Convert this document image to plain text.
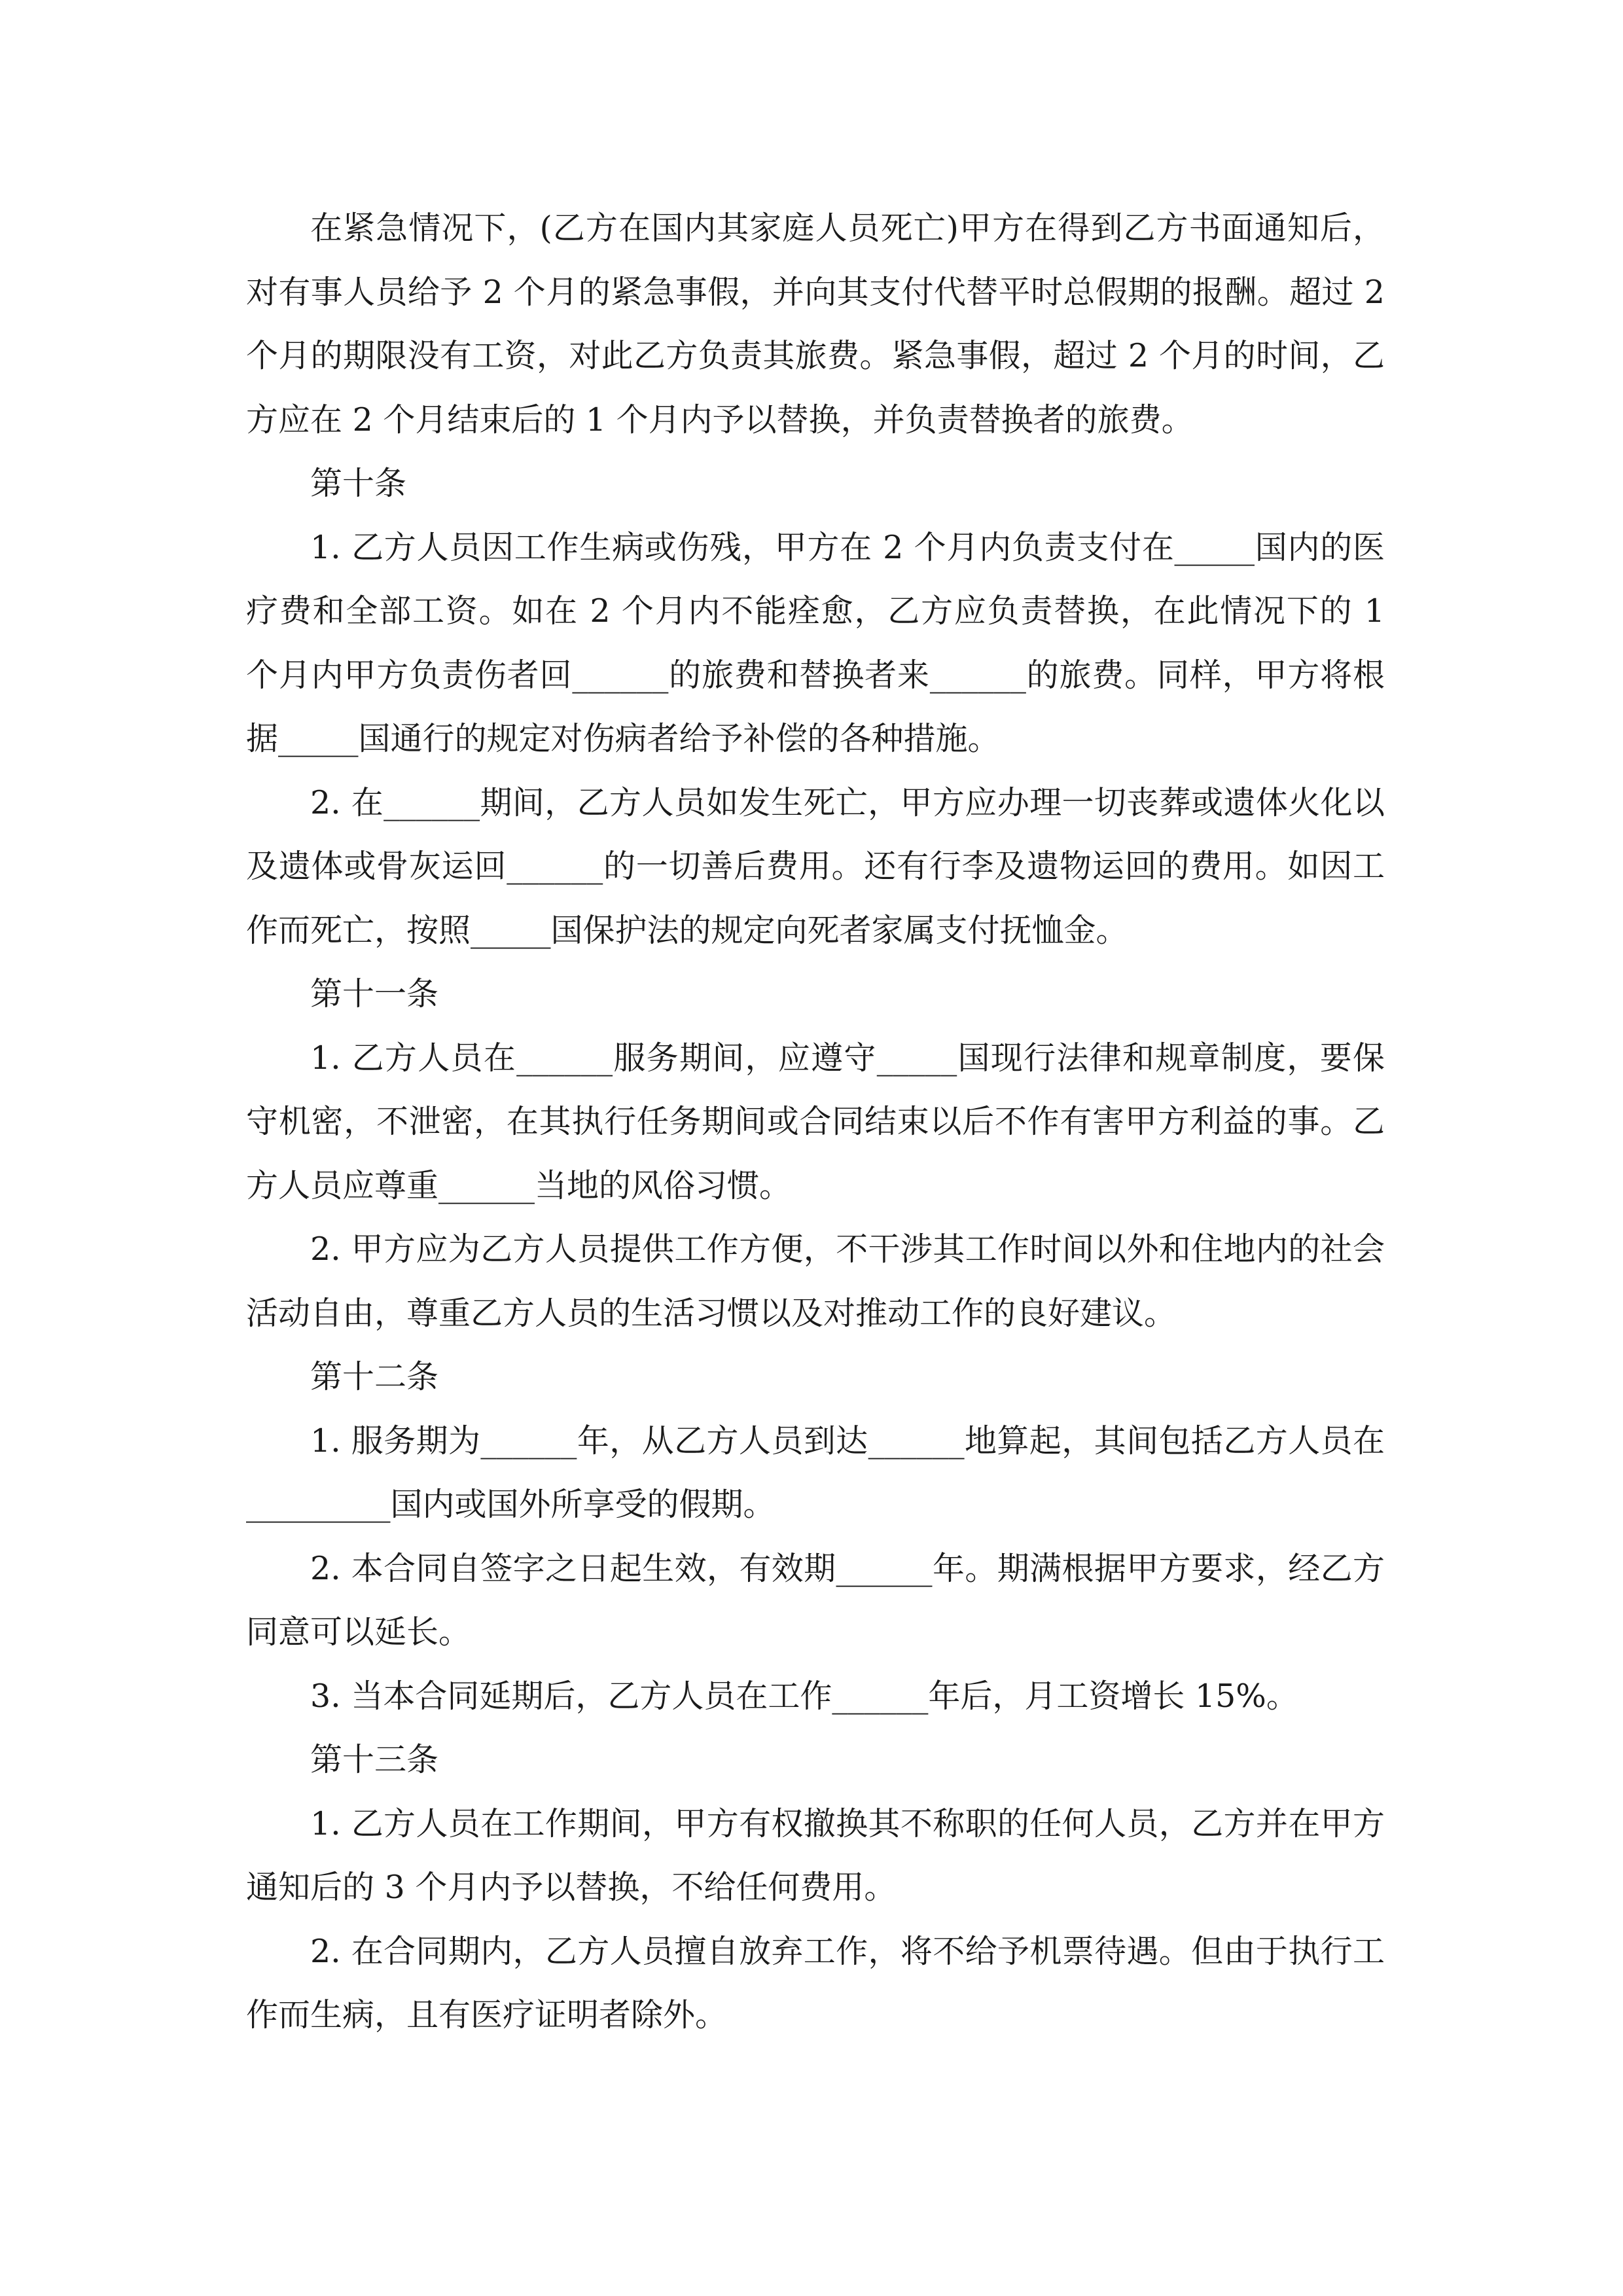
在紧急情况下，(乙方在国内其家庭人员死亡)甲方在得到乙方书面通知后，对有事人员给予 2 个月的紧急事假，并向其支付代替平时总假期的报酬。超过 2 个月的期限没有工资，对此乙方负责其旅费。紧急事假，超过 2 个月的时间，乙方应在 2 个月结束后的 1 个月内予以替换，并负责替换者的旅费。

第十条

1. 乙方人员因工作生病或伤残，甲方在 2 个月内负责支付在_____国内的医疗费和全部工资。如在 2 个月内不能痊愈，乙方应负责替换，在此情况下的 1 个月内甲方负责伤者回______的旅费和替换者来______的旅费。同样，甲方将根据_____国通行的规定对伤病者给予补偿的各种措施。

2. 在______期间，乙方人员如发生死亡，甲方应办理一切丧葬或遗体火化以及遗体或骨灰运回______的一切善后费用。还有行李及遗物运回的费用。如因工作而死亡，按照_____国保护法的规定向死者家属支付抚恤金。

第十一条

1. 乙方人员在______服务期间，应遵守_____国现行法律和规章制度，要保守机密，不泄密，在其执行任务期间或合同结束以后不作有害甲方利益的事。乙方人员应尊重______当地的风俗习惯。

2. 甲方应为乙方人员提供工作方便，不干涉其工作时间以外和住地内的社会活动自由，尊重乙方人员的生活习惯以及对推动工作的良好建议。

第十二条

1. 服务期为______年，从乙方人员到达______地算起，其间包括乙方人员在_________国内或国外所享受的假期。

2. 本合同自签字之日起生效，有效期______年。期满根据甲方要求，经乙方同意可以延长。

3. 当本合同延期后，乙方人员在工作______年后，月工资增长 15%。

第十三条

1. 乙方人员在工作期间，甲方有权撤换其不称职的任何人员，乙方并在甲方通知后的 3 个月内予以替换，不给任何费用。

2. 在合同期内，乙方人员擅自放弃工作，将不给予机票待遇。但由于执行工作而生病，且有医疗证明者除外。
